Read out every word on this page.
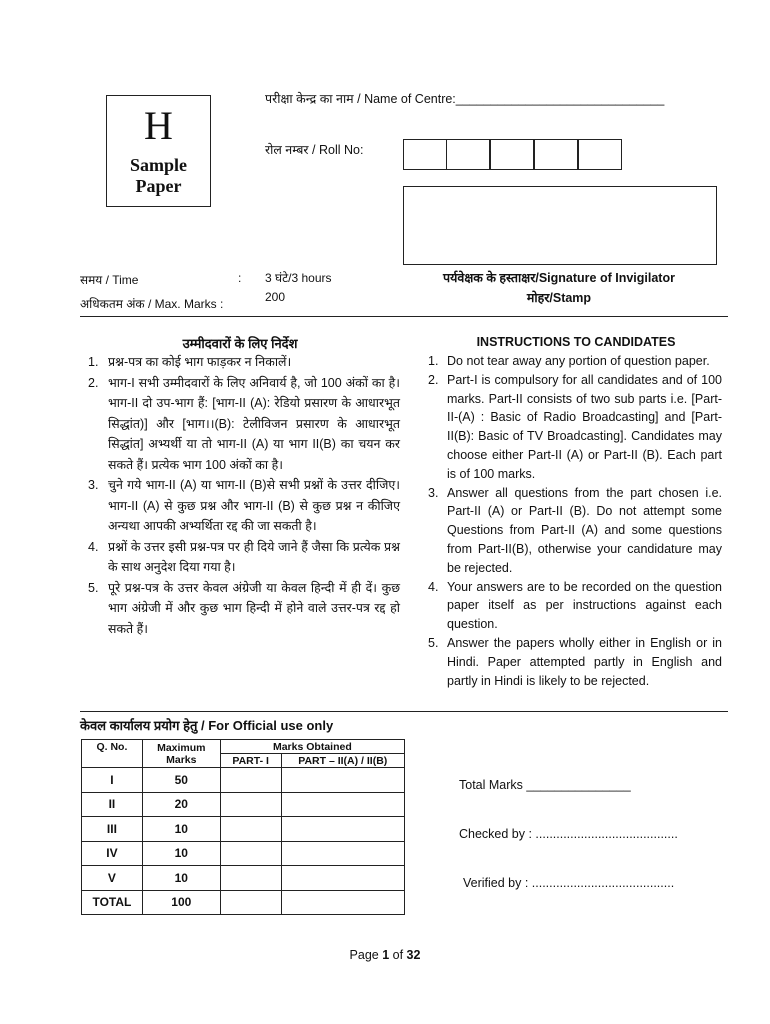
H
Sample
Paper
परीक्षा केन्द्र का नाम / Name of Centre:______________________________
रोल नम्बर / Roll No:
समय / Time	: 3 घंटे/3 hours
अधिकतम अंक / Max. Marks :	200
पर्यवेक्षक के हस्ताक्षर/Signature of Invigilator
मोहर/Stamp
उम्मीदवारों के लिए निर्देश
1. प्रश्न-पत्र का कोई भाग फाड़कर न निकालें।
2. भाग-I सभी उम्मीदवारों के लिए अनिवार्य है, जो 100 अंकों का है। भाग-II दो उप-भाग हैं: [भाग-II (A): रेडियो प्रसारण के आधारभूत सिद्धांत)] और [भाग।।(B): टेलीविजन प्रसारण के आधारभूत सिद्धांत] अभ्यर्थी या तो भाग-II (A) या भाग II(B) का चयन कर सकते हैं। प्रत्येक भाग 100 अंकों का है।
3. चुने गये भाग-II (A) या भाग-II (B)से सभी प्रश्नों के उत्तर दीजिए। भाग-II (A) से कुछ प्रश्न और भाग-II (B) से कुछ प्रश्न न कीजिए अन्यथा आपकी अभ्यर्थिता रद्द की जा सकती है।
4. प्रश्नों के उत्तर इसी प्रश्न-पत्र पर ही दिये जाने हैं जैसा कि प्रत्येक प्रश्न के साथ अनुदेश दिया गया है।
5. पूरे प्रश्न-पत्र के उत्तर केवल अंग्रेजी या केवल हिन्दी में ही दें। कुछ भाग अंग्रेजी में और कुछ भाग हिन्दी में होने वाले उत्तर-पत्र रद्द हो सकते हैं।
INSTRUCTIONS TO CANDIDATES
1. Do not tear away any portion of question paper.
2. Part-I is compulsory for all candidates and of 100 marks. Part-II consists of two sub parts i.e. [Part-II-(A) : Basic of Radio Broadcasting] and [Part-II(B): Basic of TV Broadcasting]. Candidates may choose either Part-II (A) or Part-II (B). Each part is of 100 marks.
3. Answer all questions from the part chosen i.e. Part-II (A) or Part-II (B). Do not attempt some Questions from Part-II (A) and some questions from Part-II(B), otherwise your candidature may be rejected.
4. Your answers are to be recorded on the question paper itself as per instructions against each question.
5. Answer the papers wholly either in English or in Hindi. Paper attempted partly in English and partly in Hindi is likely to be rejected.
केवल कार्यालय प्रयोग हेतु / For Official use only
Q. No.	Maximum Marks	Marks Obtained	
		PART- I	PART – II(A) / II(B)
I	50		
II	20		
III	10		
IV	10		
V	10		
TOTAL	100		
Total Marks _______________
Checked by : .........................................
Verified by : .........................................
Page 1 of 32
